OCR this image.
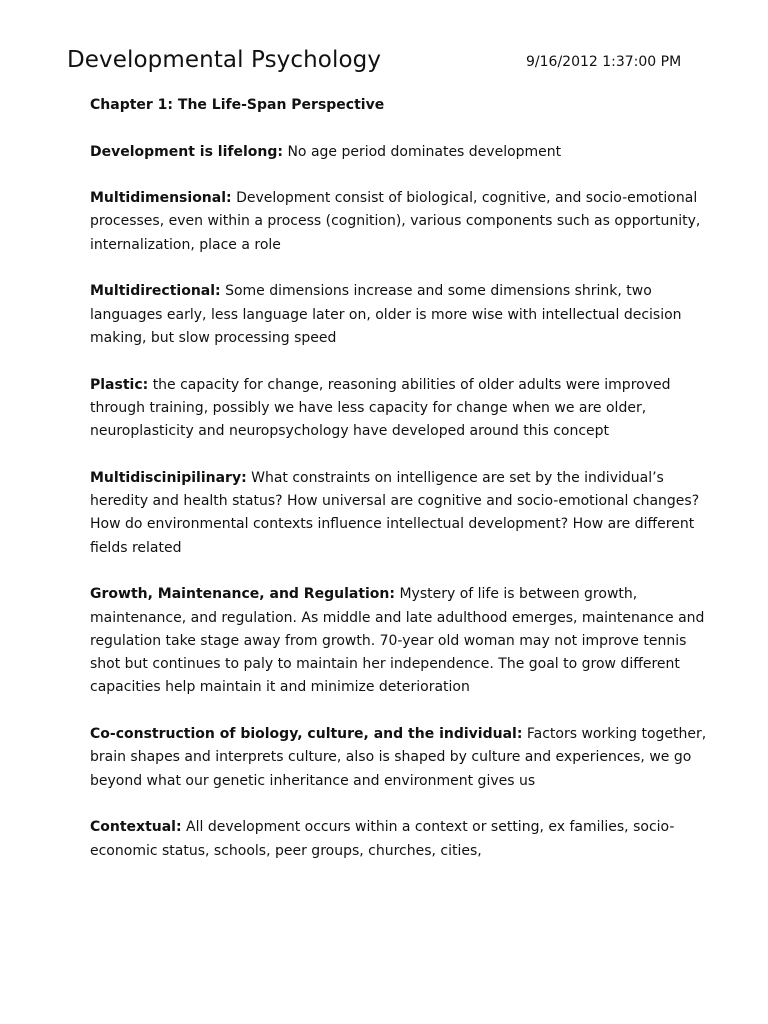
Developmental Psychology	9/16/2012 1:37:00 PM

Chapter 1: The Life-Span Perspective

Development is lifelong: No age period dominates development

Multidimensional: Development consist of biological, cognitive, and socio-emotional processes, even within a process (cognition), various components such as opportunity, internalization, place a role

Multidirectional: Some dimensions increase and some dimensions shrink, two languages early, less language later on, older is more wise with intellectual decision making, but slow processing speed

Plastic: the capacity for change, reasoning abilities of older adults were improved through training, possibly we have less capacity for change when we are older, neuroplasticity and neuropsychology have developed around this concept

Multidiscinipilinary: What constraints on intelligence are set by the individual’s heredity and health status? How universal are cognitive and socio-emotional changes? How do environmental contexts influence intellectual development? How are different fields related

Growth, Maintenance, and Regulation: Mystery of life is between growth, maintenance, and regulation. As middle and late adulthood emerges, maintenance and regulation take stage away from growth. 70-year old woman may not improve tennis shot but continues to paly to maintain her independence. The goal to grow different capacities help maintain it and minimize deterioration

Co-construction of biology, culture, and the individual: Factors working together, brain shapes and interprets culture, also is shaped by culture and experiences, we go beyond what our genetic inheritance and environment gives us

Contextual: All development occurs within a context or setting, ex families, socio-economic status, schools, peer groups, churches, cities,
